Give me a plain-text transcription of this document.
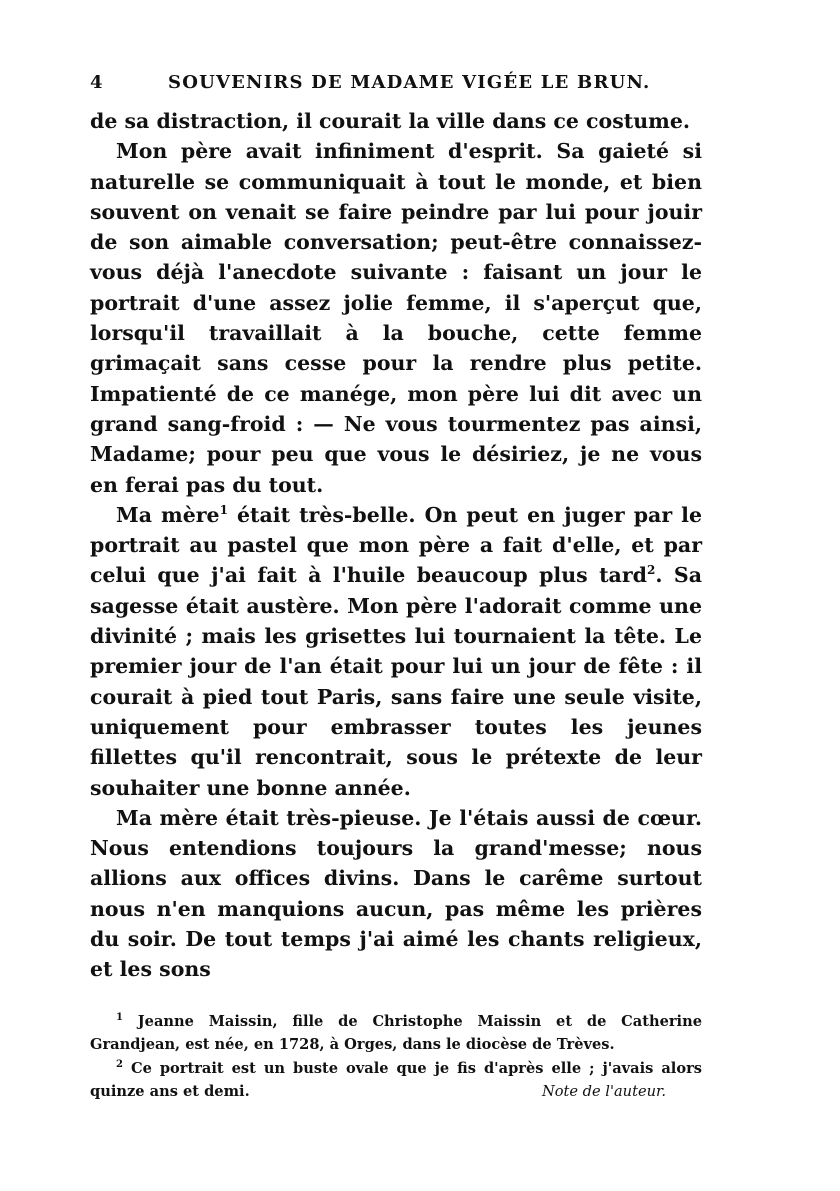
4	SOUVENIRS DE MADAME VIGÉE LE BRUN.

de sa distraction, il courait la ville dans ce costume.

Mon père avait infiniment d'esprit. Sa gaieté si naturelle se communiquait à tout le monde, et bien souvent on venait se faire peindre par lui pour jouir de son aimable conversation; peut-être connaissez-vous déjà l'anecdote suivante : faisant un jour le portrait d'une assez jolie femme, il s'aperçut que, lorsqu'il travaillait à la bouche, cette femme grimaçait sans cesse pour la rendre plus petite. Impatienté de ce manége, mon père lui dit avec un grand sang-froid : — Ne vous tourmentez pas ainsi, Madame; pour peu que vous le désiriez, je ne vous en ferai pas du tout.

Ma mère$^1$ était très-belle. On peut en juger par le portrait au pastel que mon père a fait d'elle, et par celui que j'ai fait à l'huile beaucoup plus tard$^2$. Sa sagesse était austère. Mon père l'adorait comme une divinité ; mais les grisettes lui tournaient la tête. Le premier jour de l'an était pour lui un jour de fête : il courait à pied tout Paris, sans faire une seule visite, uniquement pour embrasser toutes les jeunes fillettes qu'il rencontrait, sous le prétexte de leur souhaiter une bonne année.

Ma mère était très-pieuse. Je l'étais aussi de cœur. Nous entendions toujours la grand'messe; nous allions aux offices divins. Dans le carême surtout nous n'en manquions aucun, pas même les prières du soir. De tout temps j'ai aimé les chants religieux, et les sons

$^1$ Jeanne Maissin, fille de Christophe Maissin et de Catherine Grandjean, est née, en 1728, à Orges, dans le diocèse de Trèves.

$^2$ Ce portrait est un buste ovale que je fis d'après elle ; j'avais alors quinze ans et demi.	Note de l'auteur.
